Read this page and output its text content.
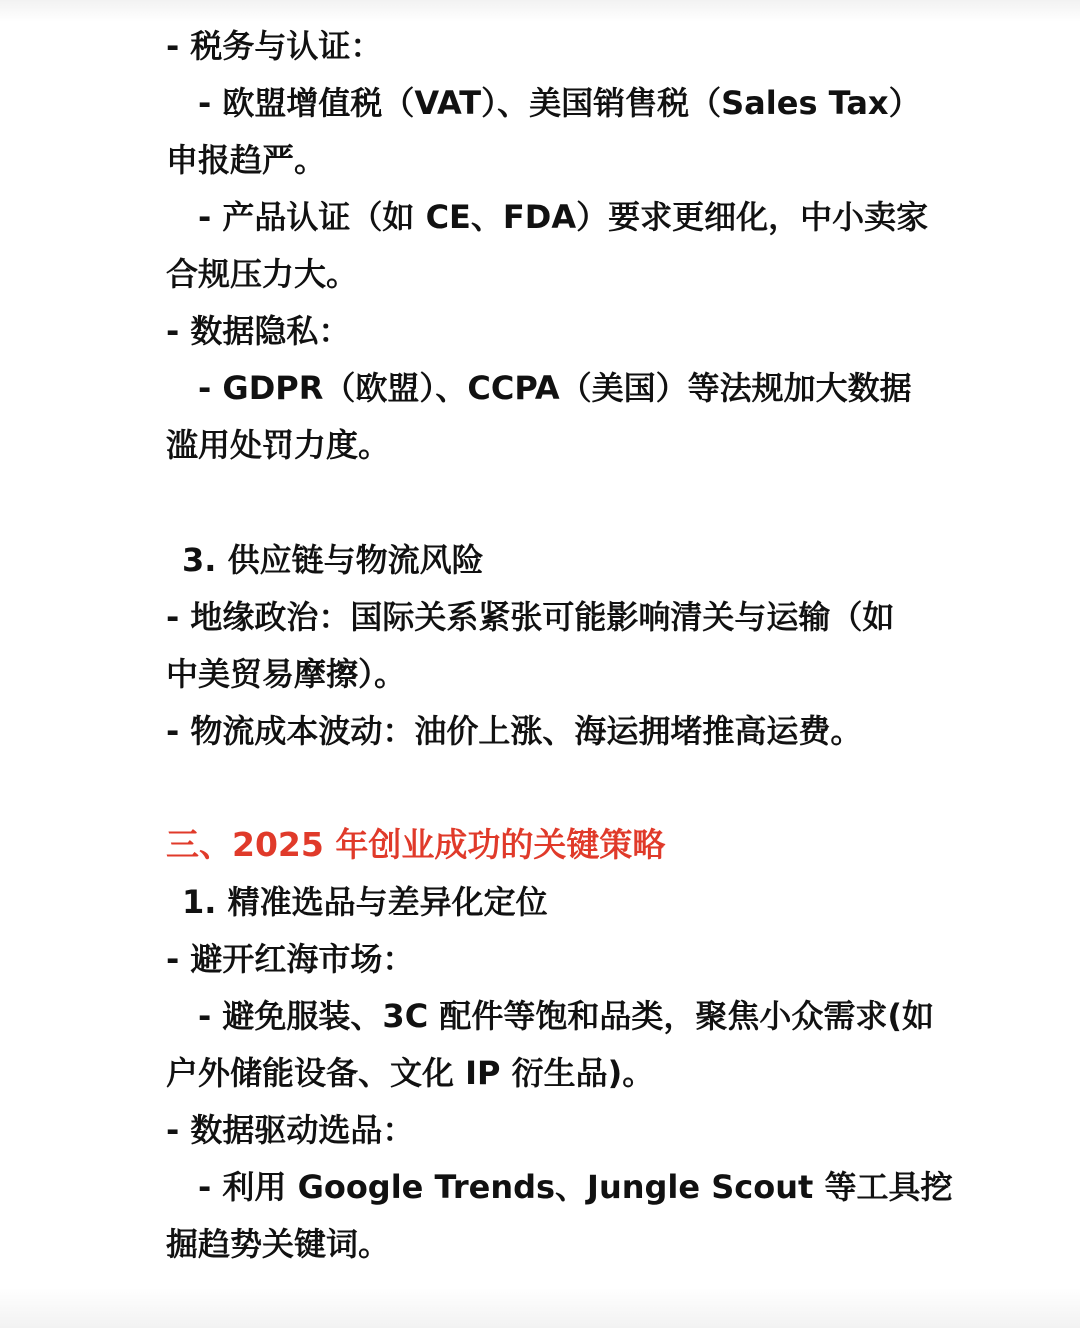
- 税务与认证：
- 欧盟增值税（VAT）、美国销售税（Sales Tax）
申报趋严。
- 产品认证（如 CE、FDA）要求更细化，中小卖家
合规压力大。
- 数据隐私：
- GDPR（欧盟）、CCPA（美国）等法规加大数据
滥用处罚力度。
3. 供应链与物流风险
- 地缘政治：国际关系紧张可能影响清关与运输（如
中美贸易摩擦）。
- 物流成本波动：油价上涨、海运拥堵推高运费。
三、2025 年创业成功的关键策略
1. 精准选品与差异化定位
- 避开红海市场：
- 避免服装、3C 配件等饱和品类，聚焦小众需求(如
户外储能设备、文化 IP 衍生品)。
- 数据驱动选品：
- 利用 Google Trends、Jungle Scout 等工具挖
掘趋势关键词。
